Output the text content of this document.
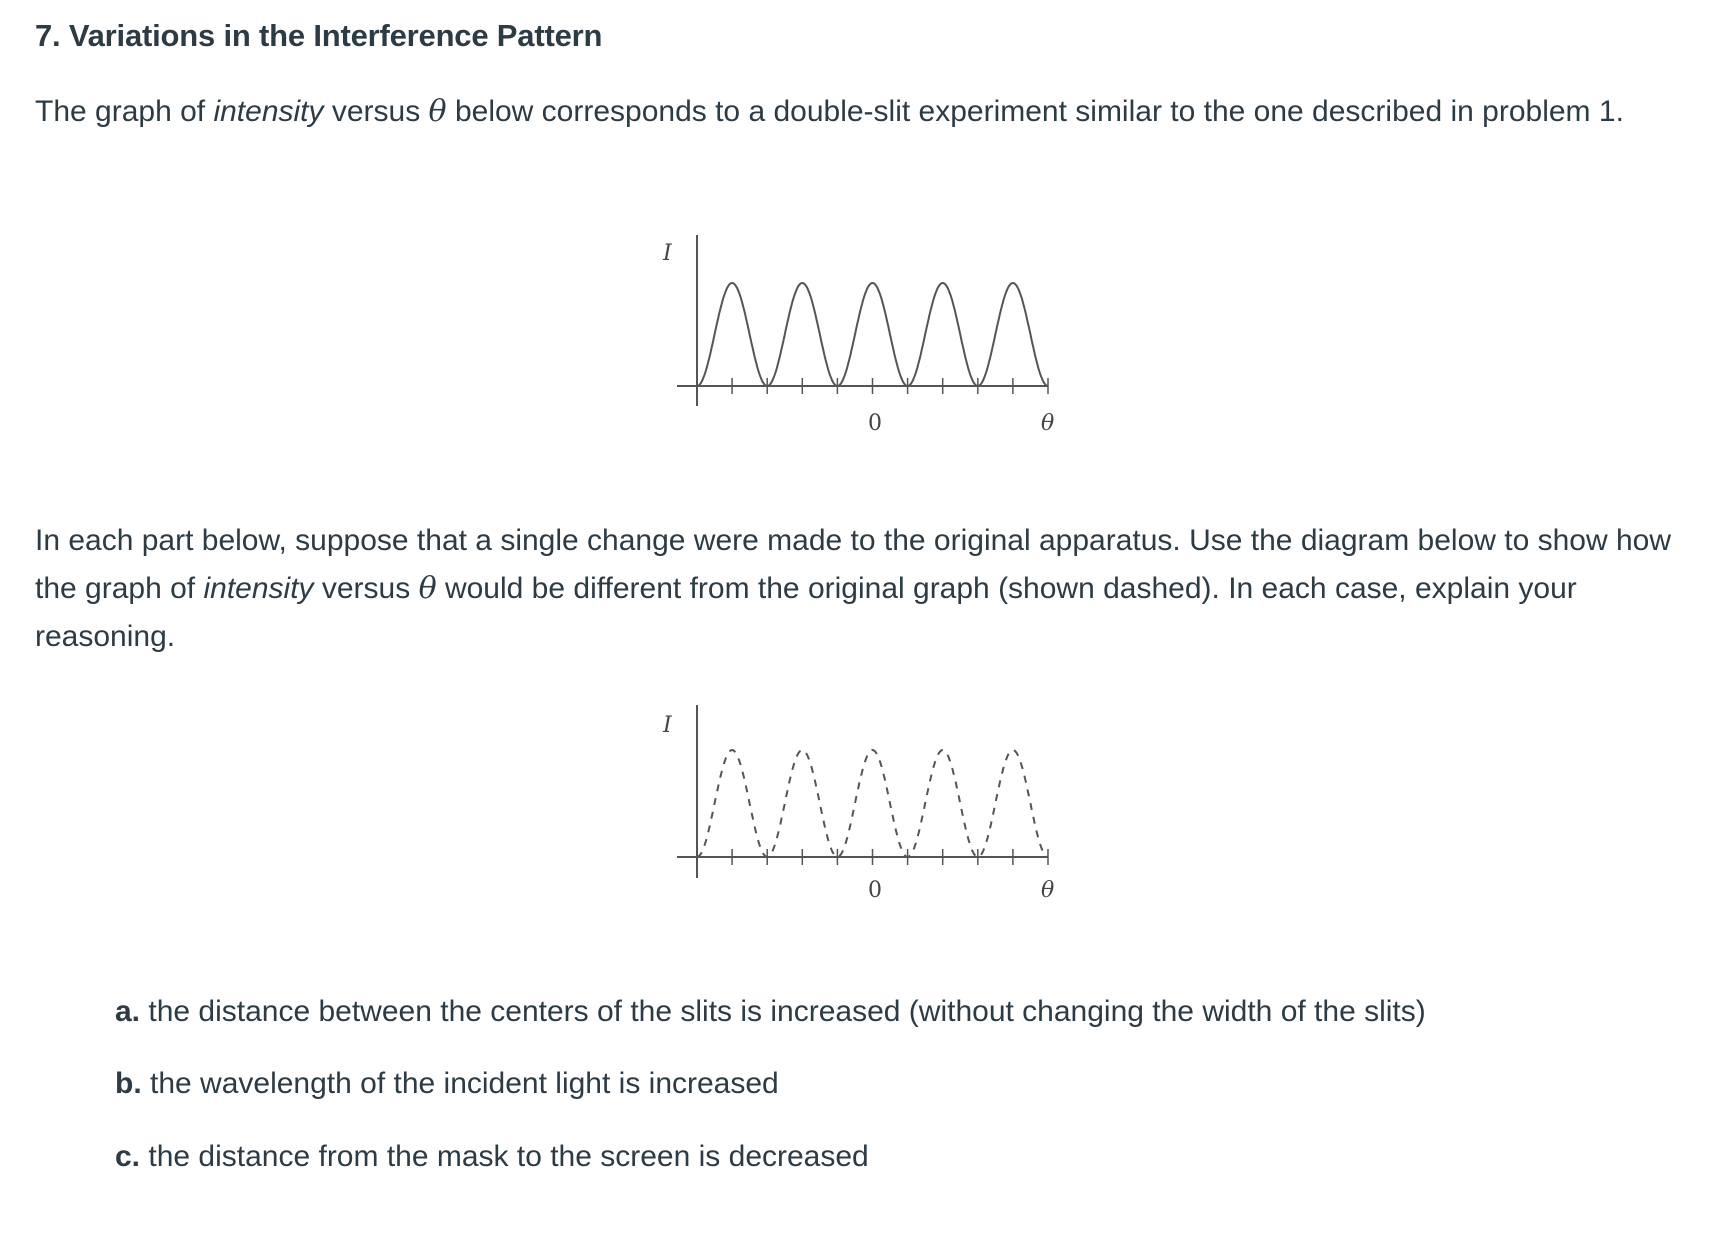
7. Variations in the Interference Pattern
The graph of intensity versus θ below corresponds to a double-slit experiment similar to the one described in problem 1.
I
0	θ
I
0	θ
In each part below, suppose that a single change were made to the original apparatus. Use the diagram below to show how the graph of intensity versus θ would be different from the original graph (shown dashed). In each case, explain your reasoning.
a. the distance between the centers of the slits is increased (without changing the width of the slits)
b. the wavelength of the incident light is increased
c. the distance from the mask to the screen is decreased
